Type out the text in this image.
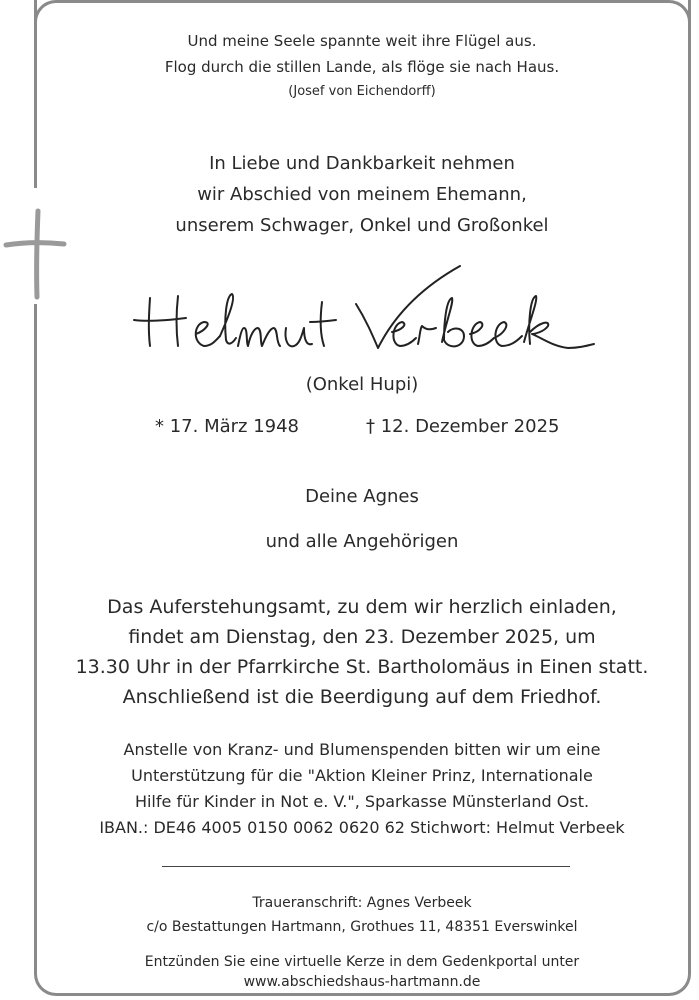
Und meine Seele spannte weit ihre Flügel aus.

Flog durch die stillen Lande, als flöge sie nach Haus.

(Josef von Eichendorff)

In Liebe und Dankbarkeit nehmen

wir Abschied von meinem Ehemann,

unserem Schwager, Onkel und Großonkel

(Onkel Hupi)

* 17. März 1948	† 12. Dezember 2025

Deine Agnes

und alle Angehörigen

Das Auferstehungsamt, zu dem wir herzlich einladen,

findet am Dienstag, den 23. Dezember 2025, um

13.30 Uhr in der Pfarrkirche St. Bartholomäus in Einen statt.

Anschließend ist die Beerdigung auf dem Friedhof.

Anstelle von Kranz- und Blumenspenden bitten wir um eine

Unterstützung für die "Aktion Kleiner Prinz, Internationale

Hilfe für Kinder in Not e. V.", Sparkasse Münsterland Ost.

IBAN.: DE46 4005 0150 0062 0620 62 Stichwort: Helmut Verbeek

Traueranschrift: Agnes Verbeek

c/o Bestattungen Hartmann, Grothues 11, 48351 Everswinkel

Entzünden Sie eine virtuelle Kerze in dem Gedenkportal unter

www.abschiedshaus-hartmann.de
